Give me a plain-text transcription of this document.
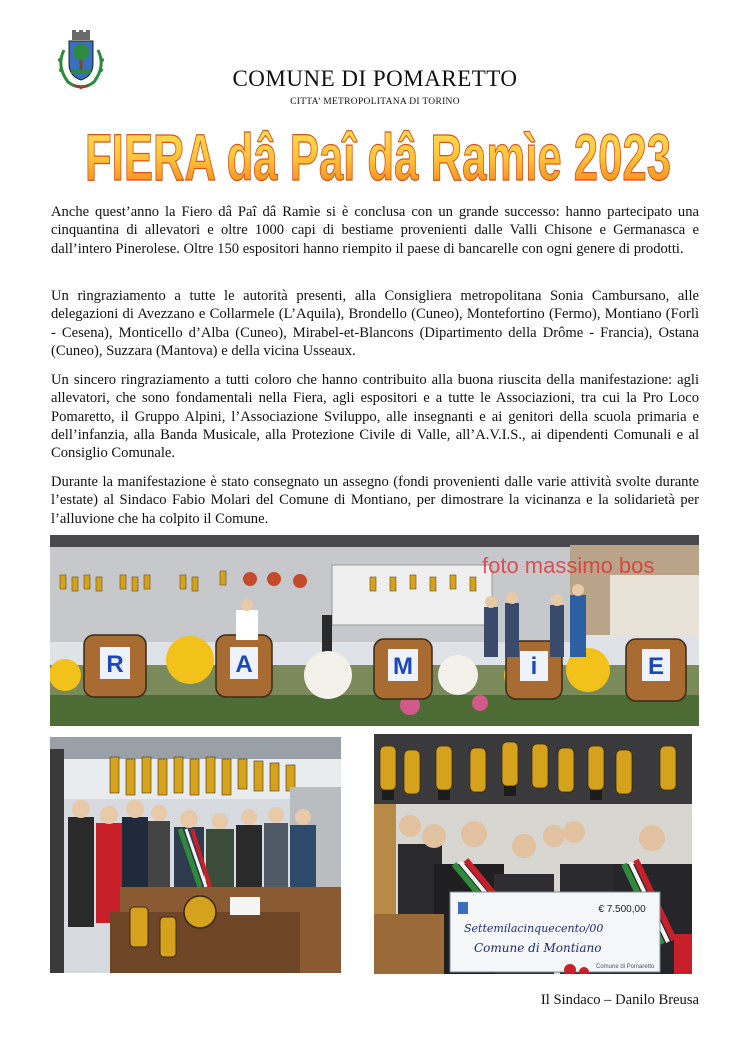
COMUNE DI POMARETTO
CITTA’ METROPOLITANA DI TORINO
FIERA dâ Paî dâ Ramìe 2023

Anche quest’anno la Fiero dâ Paî dâ Ramìe si è conclusa con un grande successo: hanno partecipato una cinquantina di allevatori e oltre 1000 capi di bestiame provenienti dalle Valli Chisone e Germanasca e dall’intero Pinerolese. Oltre 150 espositori hanno riempito il paese di bancarelle con ogni genere di prodotti.

Un ringraziamento a tutte le autorità presenti, alla Consigliera metropolitana Sonia Cambursano, alle delegazioni di Avezzano e Collarmele (L’Aquila), Brondello (Cuneo), Montefortino (Fermo), Montiano (Forlì - Cesena), Monticello d’Alba (Cuneo), Mirabel-et-Blancons (Dipartimento della Drôme - Francia), Ostana (Cuneo), Suzzara (Mantova) e della vicina Usseaux.

Un sincero ringraziamento a tutti coloro che hanno contribuito alla buona riuscita della manifestazione: agli allevatori, che sono fondamentali nella Fiera, agli espositori e a tutte le Associazioni, tra cui la Pro Loco Pomaretto, il Gruppo Alpini, l’Associazione Sviluppo, alle insegnanti e ai genitori della scuola primaria e dell’infanzia, alla Banda Musicale, alla Protezione Civile di Valle, all’A.V.I.S., ai dipendenti Comunali e al Consiglio Comunale.

Durante la manifestazione è stato consegnato un assegno (fondi provenienti dalle varie attività svolte durante l’estate) al Sindaco Fabio Molari del Comune di Montiano, per dimostrare la vicinanza e la solidarietà per l’alluvione che ha colpito il Comune.

foto massimo bos
R	A	M	i	E
€ 7.500,00
Settemilacinquecento/00
Comune di Montiano
Comune di Pomaretto
Il Sindaco – Danilo Breusa
